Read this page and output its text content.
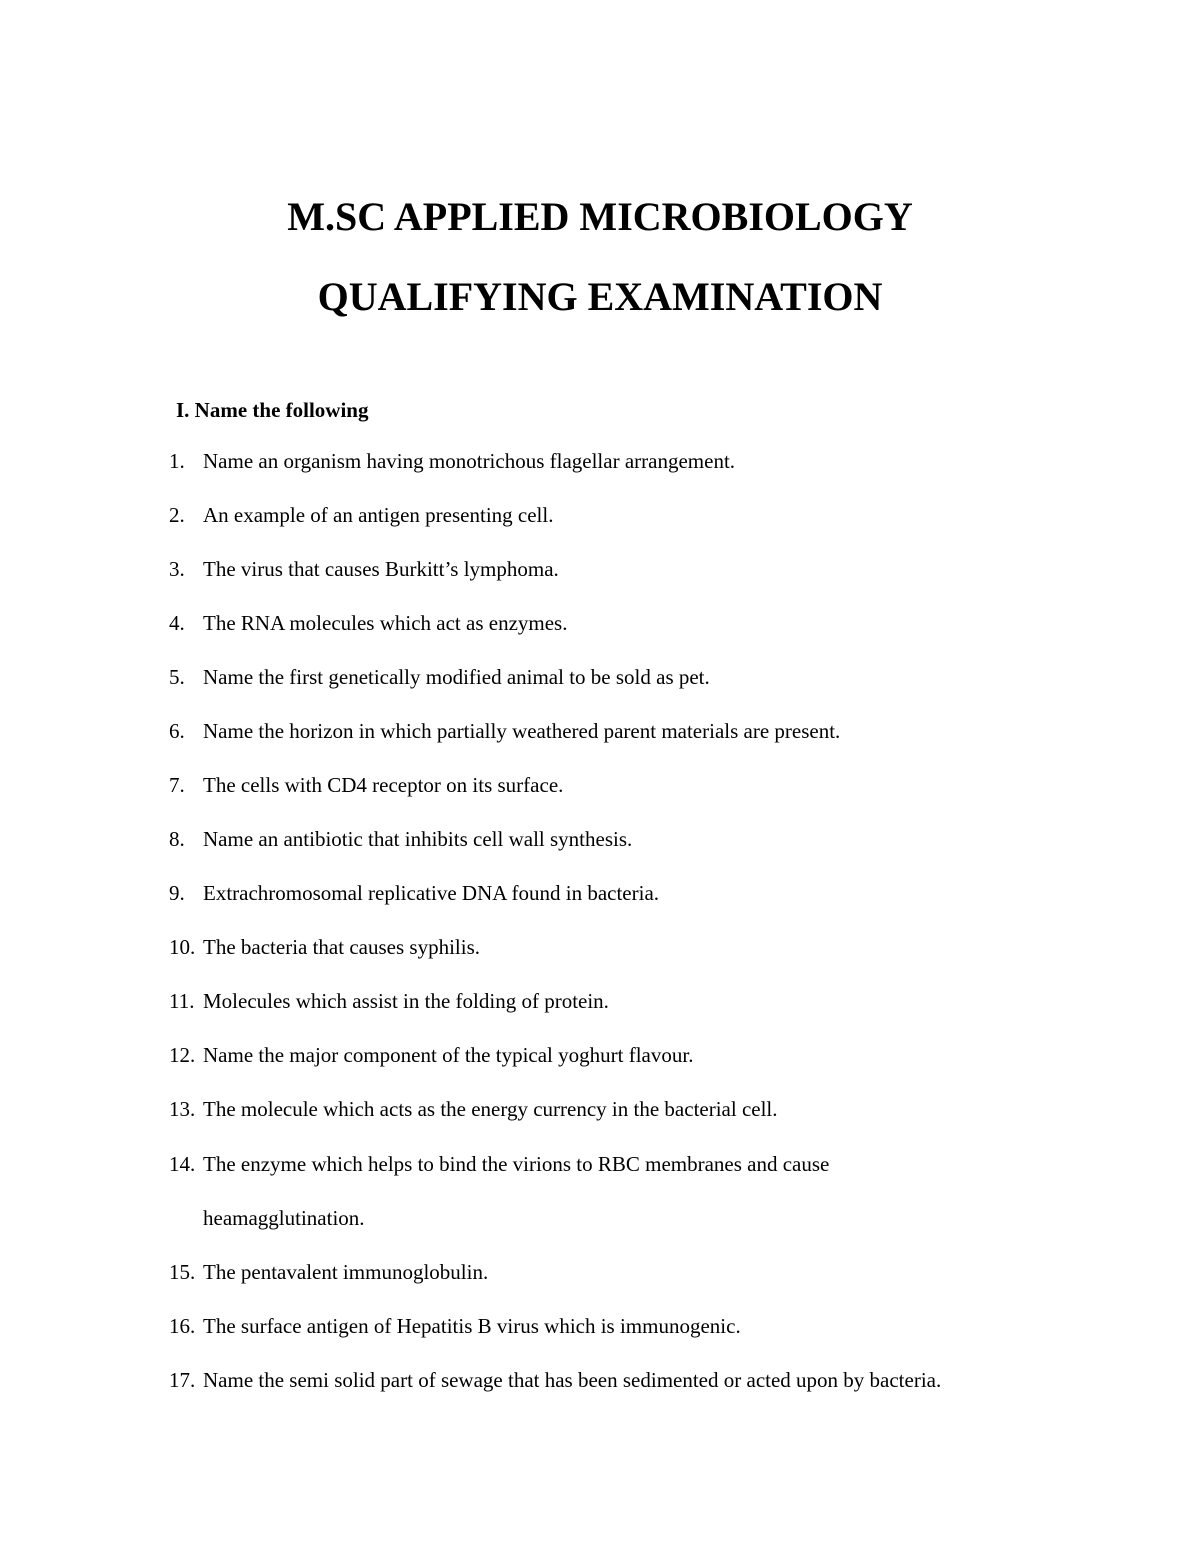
M.SC APPLIED MICROBIOLOGY
QUALIFYING EXAMINATION
I. Name the following
1. Name an organism having monotrichous flagellar arrangement.
2. An example of an antigen presenting cell.
3. The virus that causes Burkitt’s lymphoma.
4. The RNA molecules which act as enzymes.
5. Name the first genetically modified animal to be sold as pet.
6. Name the horizon in which partially weathered parent materials are present.
7. The cells with CD4 receptor on its surface.
8. Name an antibiotic that inhibits cell wall synthesis.
9. Extrachromosomal replicative DNA found in bacteria.
10. The bacteria that causes syphilis.
11. Molecules which assist in the folding of protein.
12. Name the major component of the typical yoghurt flavour.
13. The molecule which acts as the energy currency in the bacterial cell.
14. The enzyme which helps to bind the virions to RBC membranes and cause
heamagglutination.
15. The pentavalent immunoglobulin.
16. The surface antigen of Hepatitis B virus which is immunogenic.
17. Name the semi solid part of sewage that has been sedimented or acted upon by bacteria.
